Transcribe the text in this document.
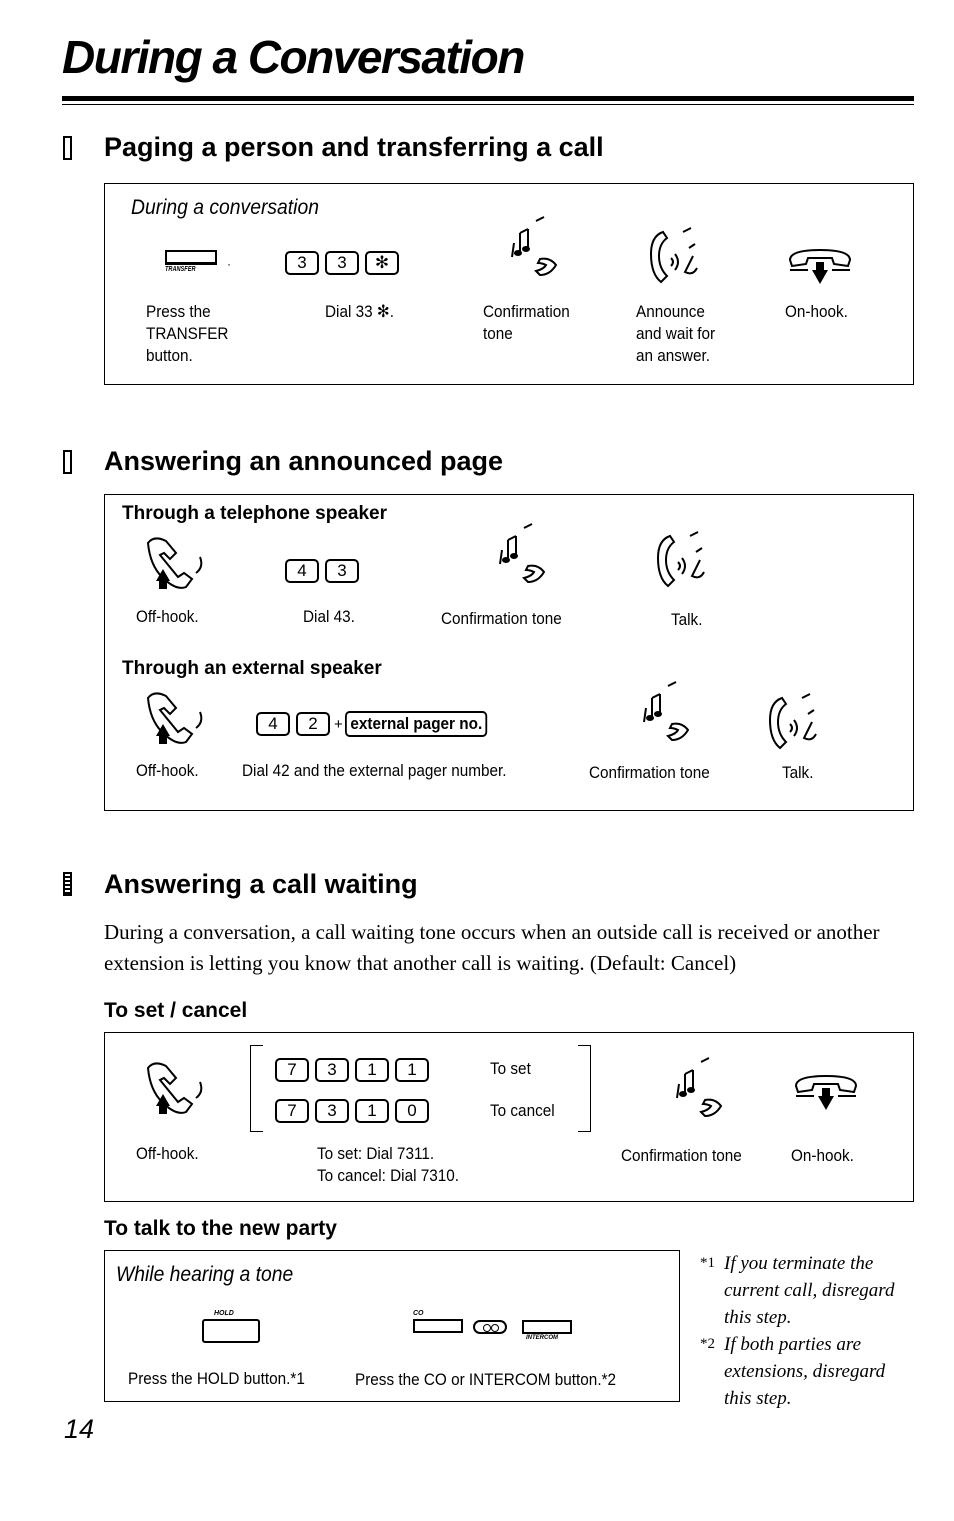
During a Conversation
Paging a person and transferring a call
During a conversation
TRANSFER	·	3 3 ✻
Press the
TRANSFER
button.
Dial 33 ✻.	Confirmation
tone
Announce
and wait for
an answer.
On-hook.
Answering an announced page
Through a telephone speaker
4 3
Off-hook.	Dial 43.	Confirmation tone	Talk.
Through an external speaker
4 2 + external pager no.
Off-hook.	Dial 42 and the external pager number.	Confirmation tone	Talk.
Answering a call waiting
During a conversation, a call waiting tone occurs when an outside call is received or another extension is letting you know that another call is waiting. (Default: Cancel)
To set / cancel
7 3 1 1	To set
7 3 1 0	To cancel
Off-hook.	To set: Dial 7311.
To cancel: Dial 7310.
Confirmation tone	On-hook.
To talk to the new party
While hearing a tone
HOLD	CO
INTERCOM
Press the HOLD button.*1	Press the CO or INTERCOM button.*2
*1 If you terminate the current call, disregard this step.
*2 If both parties are extensions, disregard this step.
14
